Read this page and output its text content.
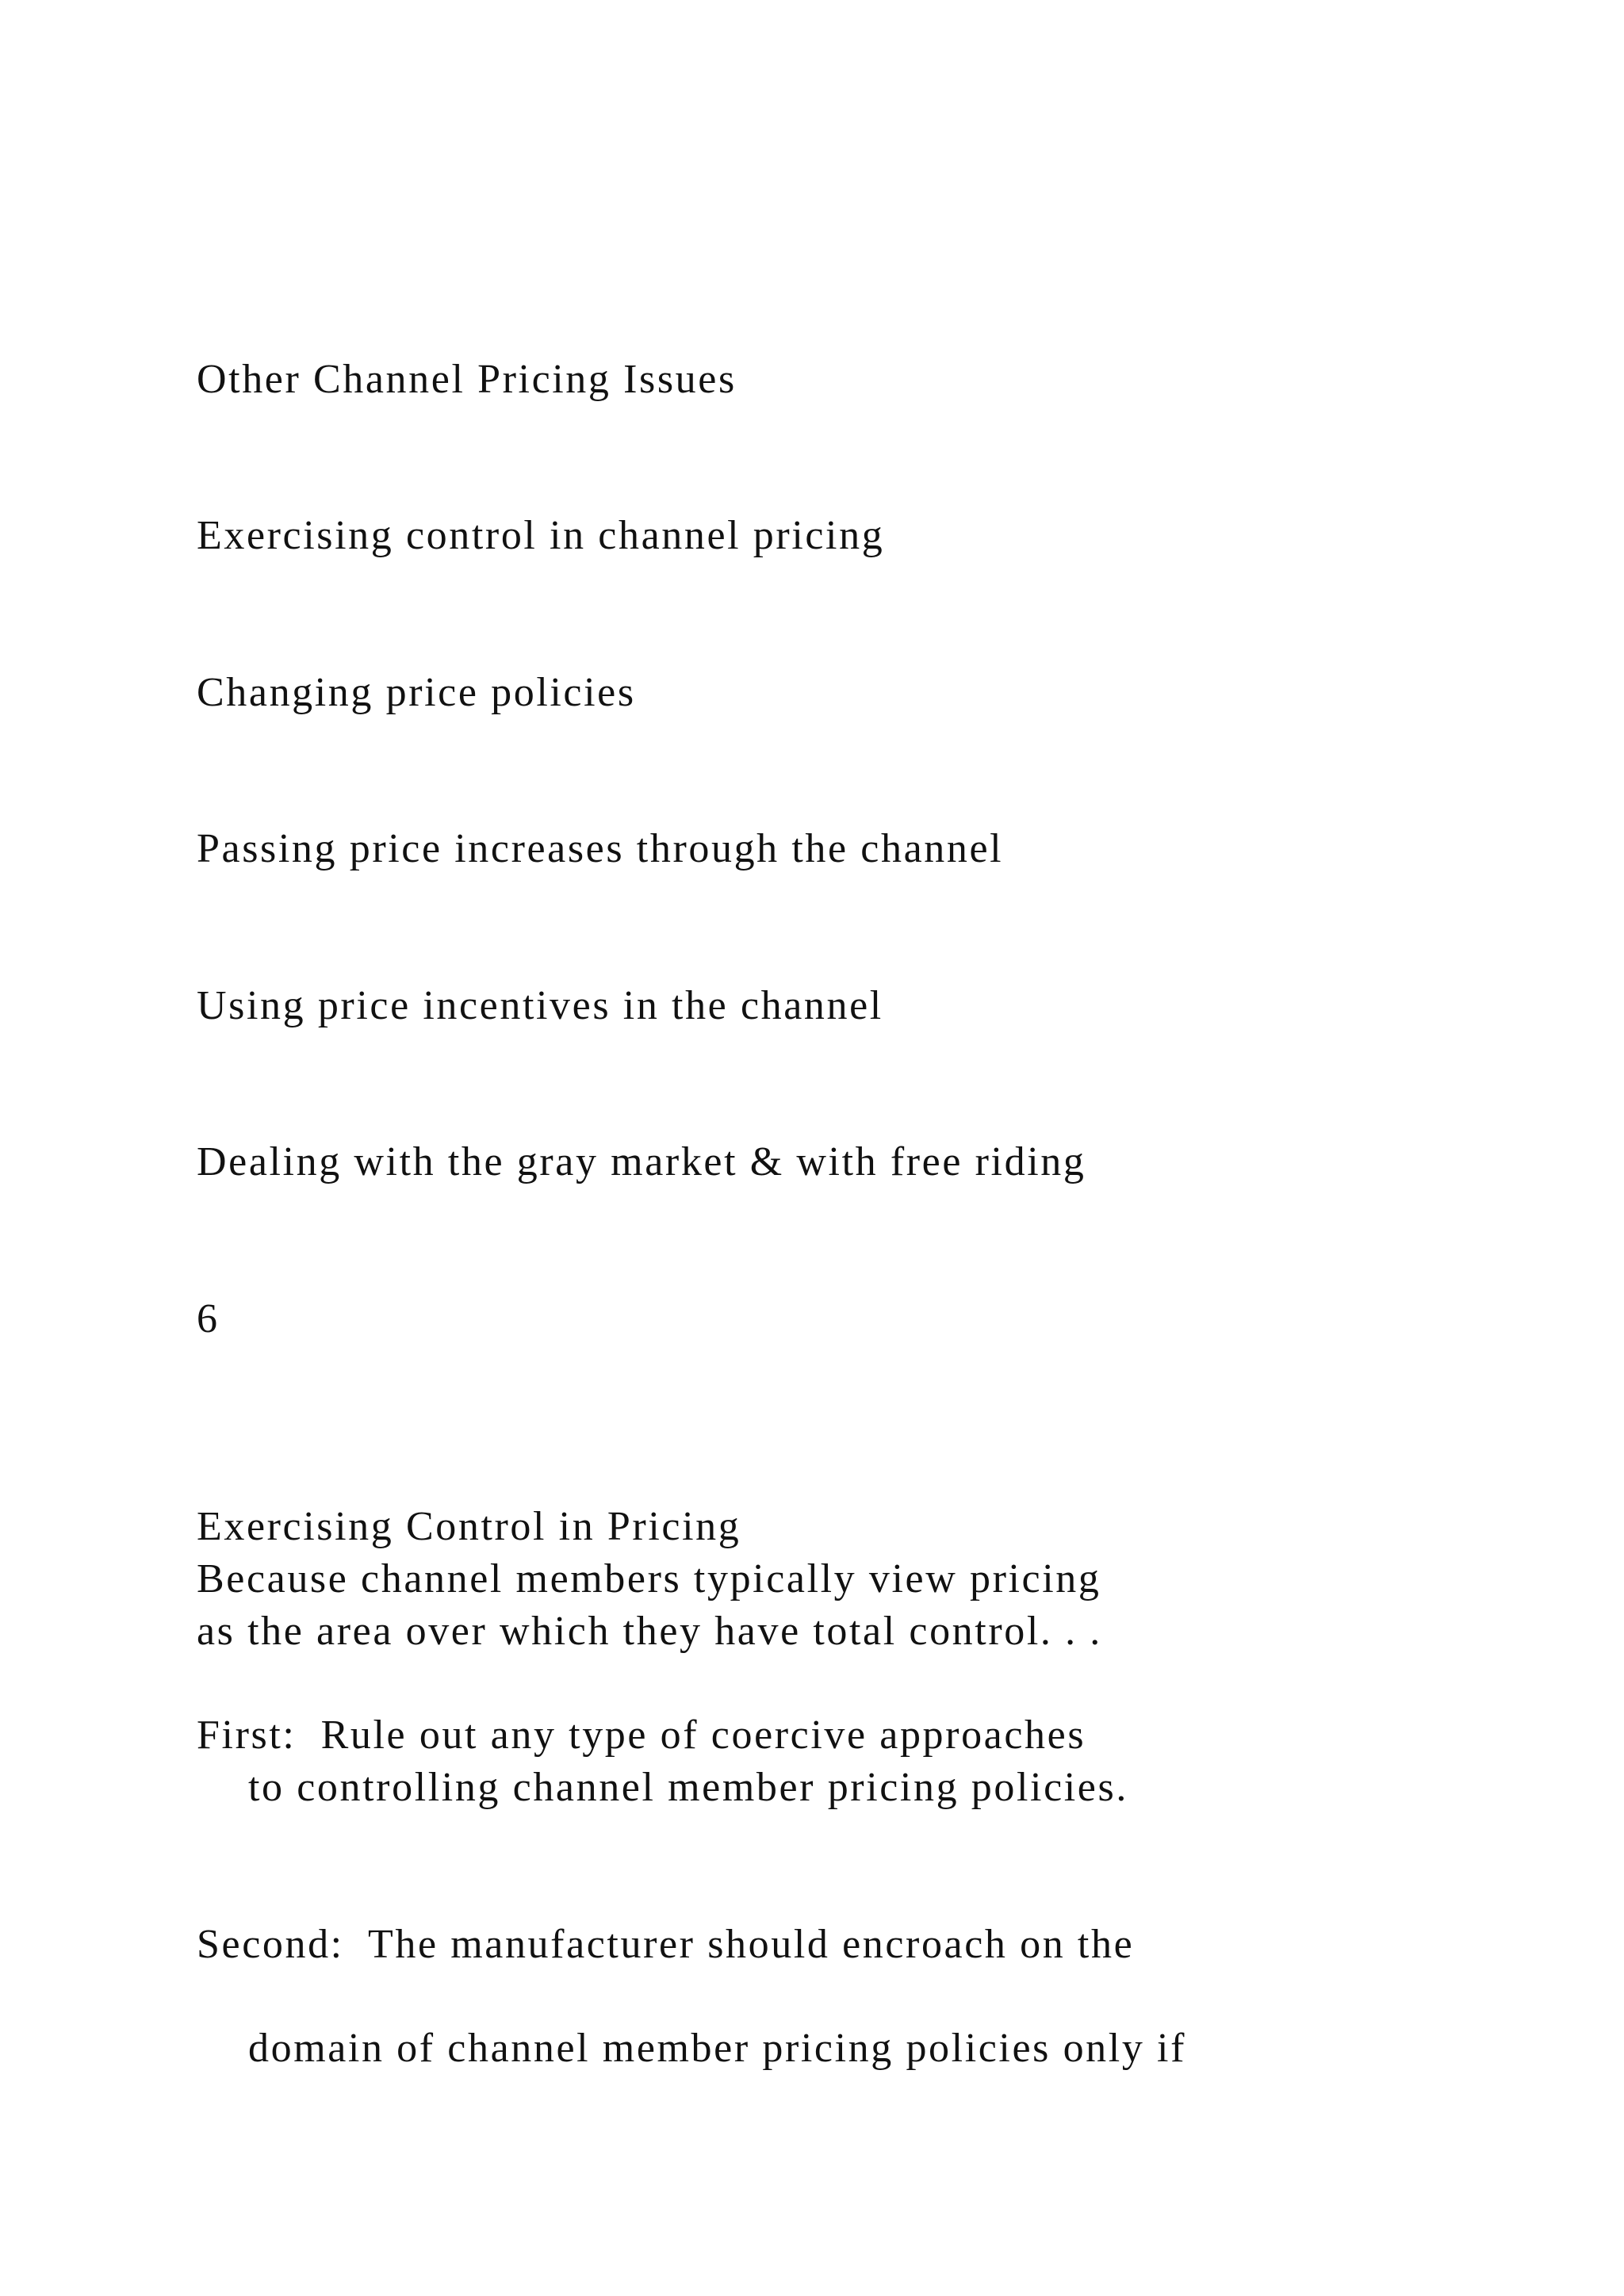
Other Channel Pricing Issues

Exercising control in channel pricing

Changing price policies

Passing price increases through the channel

Using price incentives in the channel

Dealing with the gray market & with free riding

6

Exercising Control in Pricing

Because channel members typically view pricing

as the area over which they have total control. . .

First:  Rule out any type of coercive approaches

to controlling channel member pricing policies.

Second:  The manufacturer should encroach on the

domain of channel member pricing policies only if
